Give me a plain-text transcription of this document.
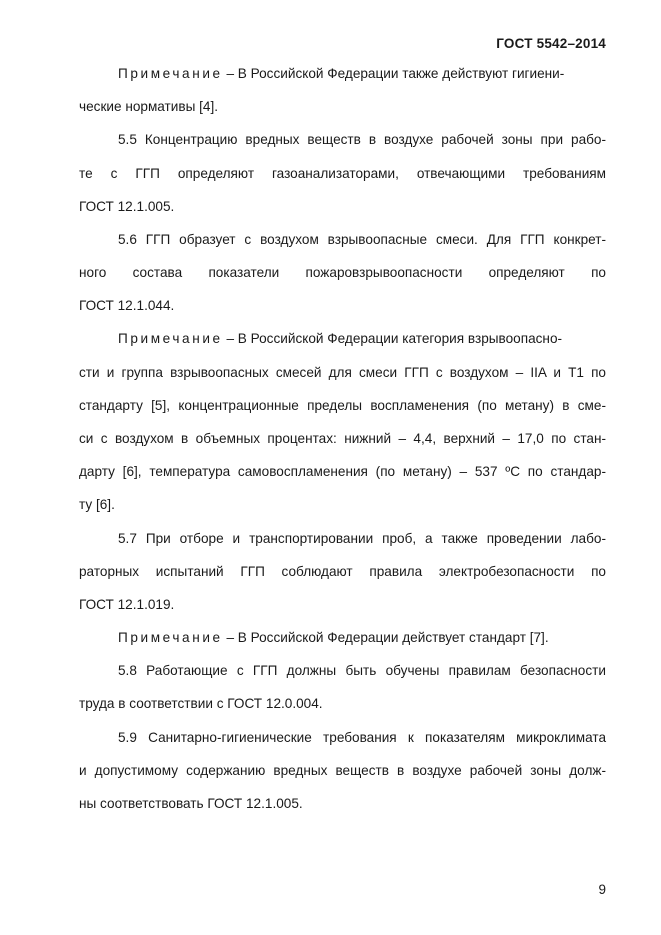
ГОСТ 5542–2014
Примечание – В Российской Федерации также действуют гигиени-
ческие нормативы [4].
5.5 Концентрацию вредных веществ в воздухе рабочей зоны при рабо-
те с ГГП определяют газоанализаторами, отвечающими требованиям
ГОСТ 12.1.005.
5.6 ГГП образует с воздухом взрывоопасные смеси. Для ГГП конкрет-
ного состава показатели пожаровзрывоопасности определяют по
ГОСТ 12.1.044.
Примечание – В Российской Федерации категория взрывоопасно-
сти и группа взрывоопасных смесей для смеси ГГП с воздухом – IIA и T1 по
стандарту [5], концентрационные пределы воспламенения (по метану) в сме-
си с воздухом в объемных процентах: нижний – 4,4, верхний – 17,0 по стан-
дарту [6], температура самовоспламенения (по метану) – 537 ºС по стандар-
ту [6].
5.7 При отборе и транспортировании проб, а также проведении лабо-
раторных испытаний ГГП соблюдают правила электробезопасности по
ГОСТ 12.1.019.
Примечание – В Российской Федерации действует стандарт [7].
5.8 Работающие с ГГП должны быть обучены правилам безопасности
труда в соответствии с ГОСТ 12.0.004.
5.9 Санитарно-гигиенические требования к показателям микроклимата
и допустимому содержанию вредных веществ в воздухе рабочей зоны долж-
ны соответствовать ГОСТ 12.1.005.
9
